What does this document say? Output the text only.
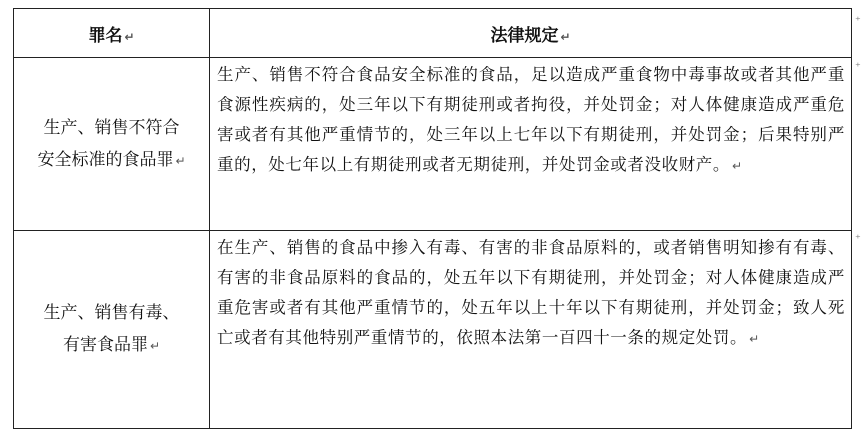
罪名 ↵	法律规定 ↵

生产、销售不符合
安全标准的食品罪 ↵	生产、销售不符合食品安全标准的食品，足以造成严重食物中毒事故或者其他严重食源性疾病的，处三年以下有期徒刑或者拘役，并处罚金；对人体健康造成严重危害或者有其他严重情节的，处三年以上七年以下有期徒刑，并处罚金；后果特别严重的，处七年以上有期徒刑或者无期徒刑，并处罚金或者没收财产。 ↵

生产、销售有毒、
有害食品罪 ↵	在生产、销售的食品中掺入有毒、有害的非食品原料的，或者销售明知掺有有毒、有害的非食品原料的食品的，处五年以下有期徒刑，并处罚金；对人体健康造成严重危害或者有其他严重情节的，处五年以上十年以下有期徒刑，并处罚金；致人死亡或者有其他特别严重情节的，依照本法第一百四十一条的规定处罚。 ↵
⁺
⁺
⁺
